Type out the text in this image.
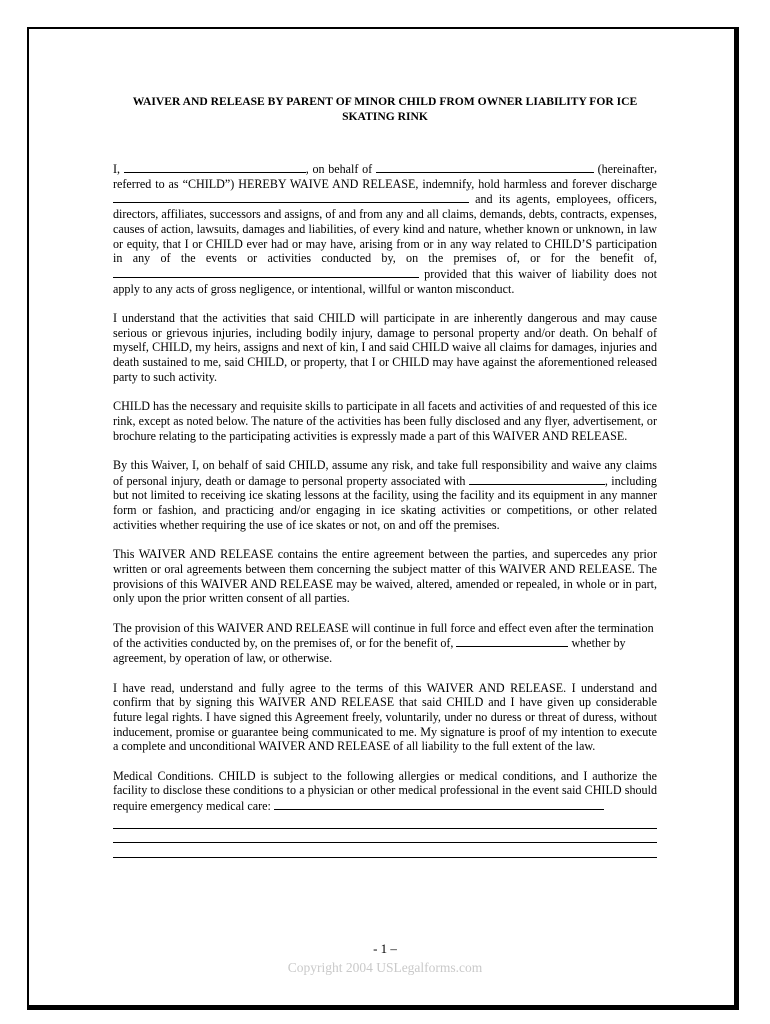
WAIVER AND RELEASE BY PARENT OF MINOR CHILD FROM OWNER LIABILITY FOR ICE SKATING RINK

I,	, on behalf of	,
(hereinafter referred to as “CHILD”) HEREBY WAIVE AND RELEASE, indemnify, hold harmless and forever discharge  and its agents, employees, officers, directors, affiliates, successors and assigns, of and from any and all claims, demands, debts, contracts, expenses, causes of action, lawsuits, damages and liabilities, of every kind and nature, whether known or unknown, in law or equity, that I or CHILD ever had or may have, arising from or in any way related to CHILD’S participation in any of the events or activities conducted by, on the premises of, or for the benefit of,  provided that this waiver of liability does not apply to any acts of gross negligence, or intentional, willful or wanton misconduct.

I understand that the activities that said CHILD will participate in are inherently dangerous and may cause serious or grievous injuries, including bodily injury, damage to personal property and/or death. On behalf of myself, CHILD, my heirs, assigns and next of kin, I and said CHILD waive all claims for damages, injuries and death sustained to me, said CHILD, or property, that I or CHILD may have against the aforementioned released party to such activity.

CHILD has the necessary and requisite skills to participate in all facets and activities of and requested of this ice rink, except as noted below. The nature of the activities has been fully disclosed and any flyer, advertisement, or brochure relating to the participating activities is expressly made a part of this WAIVER AND RELEASE.

By this Waiver, I, on behalf of said CHILD, assume any risk, and take full responsibility and waive any claims of personal injury, death or damage to personal property associated with	, including but not limited to receiving ice skating lessons at the facility, using the facility and its equipment in any manner form or fashion, and practicing and/or engaging in ice skating activities or competitions, or other related activities whether requiring the use of ice skates or not, on and off the premises.

This WAIVER AND RELEASE contains the entire agreement between the parties, and supercedes any prior written or oral agreements between them concerning the subject matter of this WAIVER AND RELEASE. The provisions of this WAIVER AND RELEASE may be waived, altered, amended or repealed, in whole or in part, only upon the prior written consent of all parties.

The provision of this WAIVER AND RELEASE will continue in full force and effect even after the termination of the activities conducted by, on the premises of, or for the benefit of,	whether by agreement, by operation of law, or otherwise.

I have read, understand and fully agree to the terms of this WAIVER AND RELEASE. I understand and confirm that by signing this WAIVER AND RELEASE that said CHILD and I have given up considerable future legal rights. I have signed this Agreement freely, voluntarily, under no duress or threat of duress, without inducement, promise or guarantee being communicated to me. My signature is proof of my intention to execute a complete and unconditional WAIVER AND RELEASE of all liability to the full extent of the law.

Medical Conditions. CHILD is subject to the following allergies or medical conditions, and I authorize the facility to disclose these conditions to a physician or other medical professional in the event said CHILD should require emergency medical care:

- 1 –
Copyright 2004 USLegalforms.com
